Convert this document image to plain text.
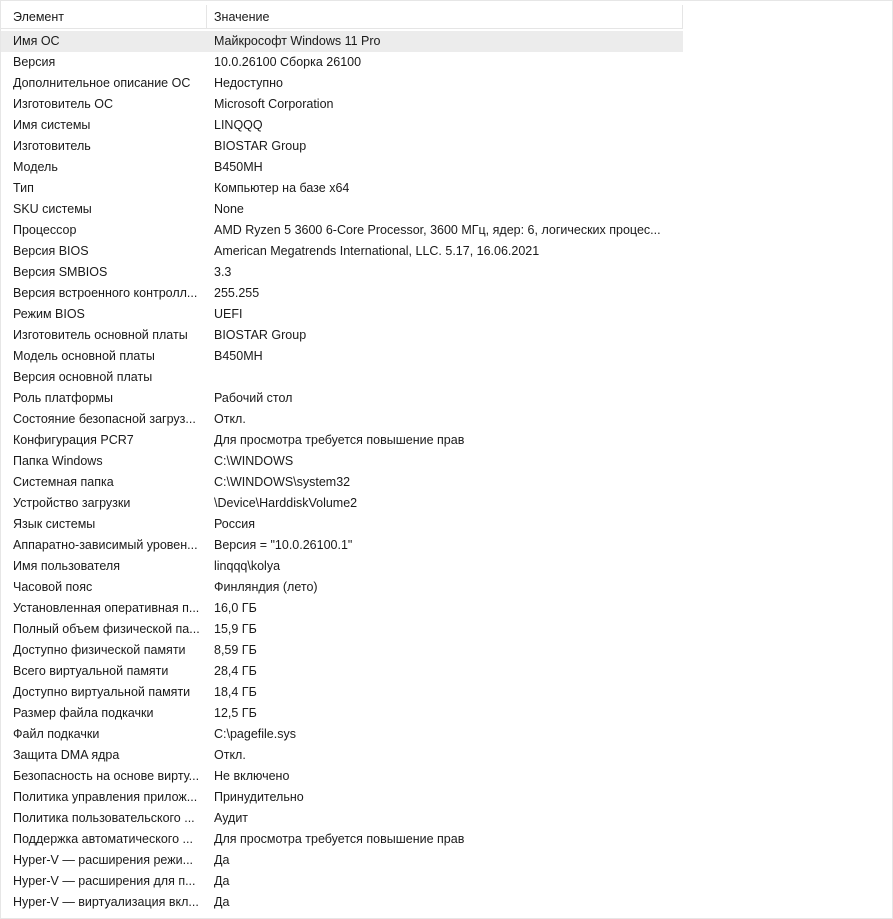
Элемент	Значение
Имя ОС	Майкрософт Windows 11 Pro
Версия	10.0.26100 Сборка 26100
Дополнительное описание ОС	Недоступно
Изготовитель ОС	Microsoft Corporation
Имя системы	LINQQQ
Изготовитель	BIOSTAR Group
Модель	B450MH
Тип	Компьютер на базе x64
SKU системы	None
Процессор	AMD Ryzen 5 3600 6-Core Processor, 3600 МГц, ядер: 6, логических процес...
Версия BIOS	American Megatrends International, LLC. 5.17, 16.06.2021
Версия SMBIOS	3.3
Версия встроенного контролл...	255.255
Режим BIOS	UEFI
Изготовитель основной платы	BIOSTAR Group
Модель основной платы	B450MH
Версия основной платы
Роль платформы	Рабочий стол
Состояние безопасной загруз...	Откл.
Конфигурация PCR7	Для просмотра требуется повышение прав
Папка Windows	C:\WINDOWS
Системная папка	C:\WINDOWS\system32
Устройство загрузки	\Device\HarddiskVolume2
Язык системы	Россия
Аппаратно-зависимый уровен...	Версия = "10.0.26100.1"
Имя пользователя	linqqq\kolya
Часовой пояс	Финляндия (лето)
Установленная оперативная п...	16,0 ГБ
Полный объем физической па...	15,9 ГБ
Доступно физической памяти	8,59 ГБ
Всего виртуальной памяти	28,4 ГБ
Доступно виртуальной памяти	18,4 ГБ
Размер файла подкачки	12,5 ГБ
Файл подкачки	C:\pagefile.sys
Защита DMA ядра	Откл.
Безопасность на основе вирту...	Не включено
Политика управления прилож...	Принудительно
Политика пользовательского ...	Аудит
Поддержка автоматического ...	Для просмотра требуется повышение прав
Hyper-V — расширения режи...	Да
Hyper-V — расширения для п...	Да
Hyper-V — виртуализация вкл...	Да
